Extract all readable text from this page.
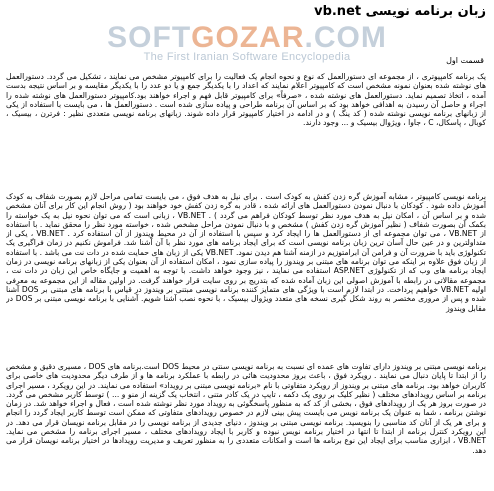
زبان برنامه نویسی vb.net
SOFTGOZAR.COM
The First Iranian Software Encyclopedia	قسمت اول
یک برنامه کامپیوتری ، از مجموعه ای دستورالعمل که نوع و نحوه انجام یک فعالیت را برای کامپیوتر مشخص می نمایند ، تشکیل می گردد. دستورالعمل های نوشته شده بعنوان نمونه مشخص است که کامپیوتر اعلام نمایند که اعداد را با یکدیگر جمع و یا دو عدد را با یکدیگر مقایسه و بر اساس نتیجه بدست آمده ، اتخاذ تصمیم نماید. دستورالعمل های نوشته شده ، «صرفاً» برای کامپیوتر قابل فهم و اجراء خواهند بود.کامپیوتر دستورالعمل های نوشته شده را اجراء و حاصل آن رسیدن به اهدافی خواهد بود که بر اساس آن برنامه طراحی و پیاده سازی شده است . دستورالعمل ها ، می بایست با استفاده از یکی از زبانهای برنامه نویسی نوشته شده ( کد ینگ ) و در ادامه در اختیار کامپیوتر قرار داده شوند. زبانهای برنامه نویسی متعددی نظیر : فرترن ، بیسیک ، کوبال ، پاسکال، C ، جاوا ، ویژوال بیسیک و ... وجود دارند.
برنامه نویسی کامپیوتر ، مشابه آموزش گره زدن کفش به کودک است . برای نیل به هدف فوق ، می بایست تمامی مراحل لازم بصورت شفاف به کودک آموزش داده شود . کودکان با دنبال نمودن دستورالعمل های ارائه شده ، قادر به گره زدن کفش خود خواهند بود ( روش انجام این کار برای آنان مشخص شده و بر اساس آن ، امکان نیل به هدف مورد نظر توسط کودکان فراهم می گردد ) . VB.NET ، زبانی است که می توان نحوه نیل به یک خواسته را بکمک آن بصورت شفاف ( نظیر آموزش گره زدن کفش ) مشخص و با دنبال نمودن مراحل مشخص شده ، خواسته مورد نظر را محقق نماید . با استفاده از VB.NET ، می توان مجموعه ای از دستورالعمل ها را ایجاد کرد و سپس با استفاده از آن در محیط ویندوز از آن استفاده کرد . VB.NET ، یکی از متداولترین و در عین حال آسان ترین زبان برنامه نویسی است که برای ایجاد برنامه های مورد نظر با آن آشنا شد. فراموش نکنیم در زمان فراگیری یک تکنولوژی باید با ضرورت آن و فرامن آن ابرامتوزیم در ازمنه آشنا هم دیدن نمود. VB.NET یکی از زبان های حمایت شده در دات نت می باشد . با استفاده از زبان فوق علاوه بر اینکه می توان برنامه های مبتنی بر ویندوز را پیاده سازی نمود ، امکان استفاده از آن بعنوان یکی از زبانهای برنامه نویسی در زمان ایجاد برنامه های وب که از تکنولوژی ASP.NET استفاده می نمایند ، نیز وجود خواهد داشت. با توجه به اهمیت و جایگاه خاص این زبان در دات نت ، مجموعه مقالاتی در رابطه با آموزش اصولی این زبان آماده شده که بتدریج بر روی سایت قرار خواهند گرفت. در اولین مقاله از این مجموعه به معرفی اولیه VB.NET خواهیم پرداخت. در ابتدا لازم است با ویژگی های متمایز کننده برنامه نویسی مبتنی بر ویندوز در قیاس با برنامه های مبتنی بر DOS آشنا شده و پس از مروری مختصر به روند شکل گیری نسخه های متعدد ویژوال بیسیک ، با نحوه نصب آشنا شویم. آشنایی با برنامه نویسی مبتنی بر DOS در مقابل ویندوز
برنامه نویسی مبتنی بر ویندوز دارای تفاوت های عمده ای نسبت به برنامه نویسی سنتی در محیط DOS است.برنامه های DOS ، مسیری دقیق و مشخص را از ابتدا تا پایان دنبال می نمایند . رویکرد فوق ، باعث بروز محدودیت هائی در رابطه با عملکرد برنامه ها و از طرف دیگر محدودیت های خاصی برای کاربران خواهد بود. برنامه های مبتنی بر ویندوز از رویکرد متفاوتی با نام «برنامه نویسی مبتنی بر رویداد» استفاده می نمایند. در این رویکرد ، مسیر اجرای برنامه بر اساس رویدادهای مختلف ( نظیر کلیک بر روی یک دکمه ، تایپ در یک کادر متنی ، انتخاب یک گزینه از منو و ... ) توسط کاربر مشخص می گردد. در صورت بروز هر یک از رویدادهای فوق ، بخشی از کد که به منظور پاسخگوئی به رویداد مورد نظر نوشته شده است ، فعال و اجراء خواهد شد. در زمان نوشتن برنامه ، شما به عنوان یک برنامه نویس می بایست پیش بینی لازم در خصوص رویدادهای متفاوتی که ممکن است توسط کاربر ایجاد گردد را انجام و برای هر یک از آنان کد مناسبی را بنویسید. برنامه نویسی مبتنی بر ویندوز ، دنیای جدیدی از برنامه نویسی را در مقابل برنامه نویسان قرار می دهد. در این رویکرد کنترل برنامه از ابتدا تا انتها در اختیار برنامه نویس نبوده و کاربر با ایجاد رویدادهای مختلف ، مسیر اجرای برنامه را مشخص می نماید. VB.NET ، ابزاری مناسب برای ایجاد این نوع برنامه ها است و امکانات متعددی را به منظور تعریف و مدیریت رویدادها در اختیار برنامه نویسان قرار می دهد.
